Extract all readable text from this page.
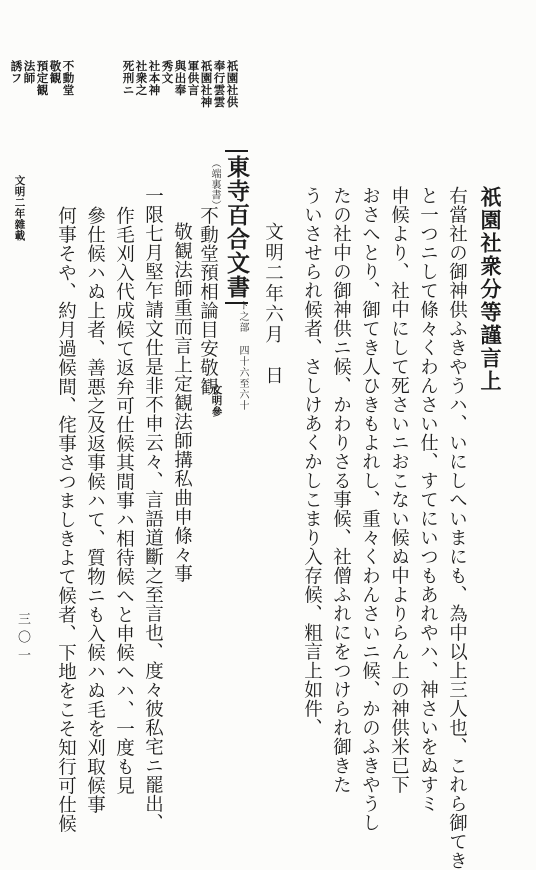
祇園社供
奉行雲雲
祇園社神
軍供言
與出奉
秀文
社本神
社衆之
死刑ニ
不動堂
敬観
預定観
法師
誘フ
祇園社衆分等謹言上

右當社の御神供ふきやうハ、いにしへいまにも、為中以上三人也、これら御てき

と一つニして條々くわんさい仕、すてにいつもあれやハ、神さいをぬすミ

申候より、社中にして死さいニおこない候ぬ中よりらん上の神供米已下

おさへとり、御てき人ひきもよれし、重々くわんさいニ候、かのふきやうし

たの社中の御神供ニ候、かわりさる事候、社僧ふれにをつけられ御きた

ういさせられ候者、さしけあくかしこまり入存候、粗言上如件、

文明二年六月　日

東寺百合文書
ト之部 四十六至六十
（端裏書）

不動堂預相論目安敬観

文明參

敬観法師重而言上定観法師搆私曲申條々事

一限七月堅乍請文仕是非不申云々、言語道斷之至言也、度々彼私宅ニ罷出、

作毛刈入代成候て返弁可仕候其間事ハ相待候へと申候へハ、一度も見

參仕候ハぬ上者、善悪之及返事候ハて、質物ニも入候ハぬ毛を刈取候事

何事そや、約月過候間、侘事さつましきよて候者、下地をこそ知行可仕候

文明二年雜載
三〇一
